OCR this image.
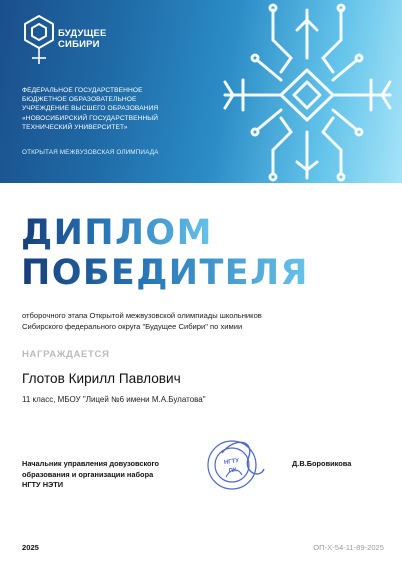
БУДУЩЕЕ
СИБИРИ
ФЕДЕРАЛЬНОЕ ГОСУДАРСТВЕННОЕ
БЮДЖЕТНОЕ ОБРАЗОВАТЕЛЬНОЕ
УЧРЕЖДЕНИЕ ВЫСШЕГО ОБРАЗОВАНИЯ
«НОВОСИБИРСКИЙ ГОСУДАРСТВЕННЫЙ
ТЕХНИЧЕСКИЙ УНИВЕРСИТЕТ»
ОТКРЫТАЯ МЕЖВУЗОВСКАЯ ОЛИМПИАДА
ДИПЛОМ
ПОБЕДИТЕЛЯ
отборочного этапа Открытой межвузовской олимпиады школьников
Сибирского федерального округа "Будущее Сибири" по химии
НАГРАЖДАЕТСЯ
Глотов Кирилл Павлович
11 класс, МБОУ "Лицей №6 имени М.А.Булатова"
Начальник управления довузовского
образования и организации набора
НГТУ НЭТИ
НГТУ
ПК
Д.В.Боровикова
2025	ОП-Х-54-11-89-2025
